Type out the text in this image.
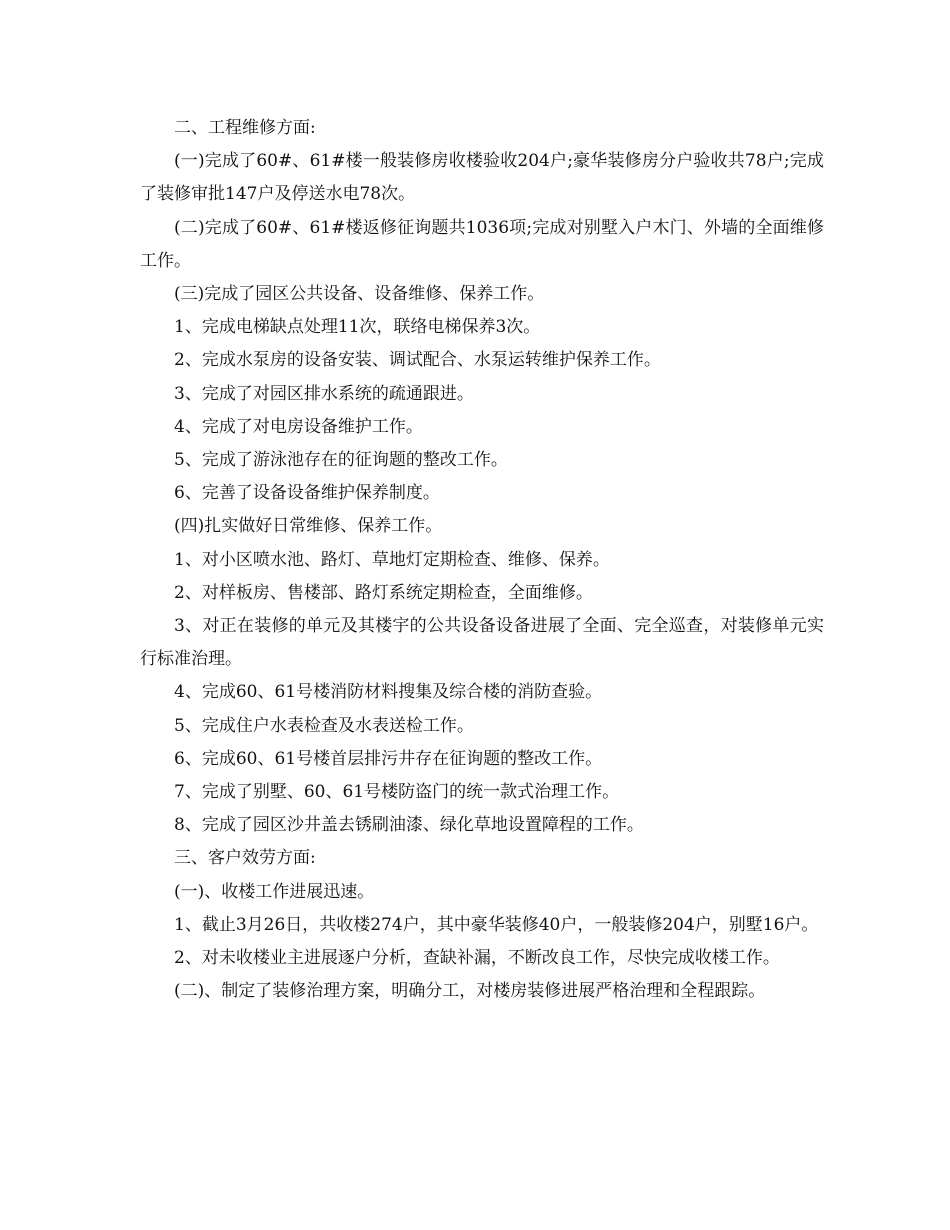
二、工程维修方面:

(一)完成了60#、61#楼一般装修房收楼验收204户;豪华装修房分户验收共78户;完成了装修审批147户及停送水电78次。

(二)完成了60#、61#楼返修征询题共1036项;完成对别墅入户木门、外墙的全面维修工作。

(三)完成了园区公共设备、设备维修、保养工作。

1、完成电梯缺点处理11次，联络电梯保养3次。

2、完成水泵房的设备安装、调试配合、水泵运转维护保养工作。

3、完成了对园区排水系统的疏通跟进。

4、完成了对电房设备维护工作。

5、完成了游泳池存在的征询题的整改工作。

6、完善了设备设备维护保养制度。

(四)扎实做好日常维修、保养工作。

1、对小区喷水池、路灯、草地灯定期检查、维修、保养。

2、对样板房、售楼部、路灯系统定期检查，全面维修。

3、对正在装修的单元及其楼宇的公共设备设备进展了全面、完全巡查，对装修单元实行标准治理。

4、完成60、61号楼消防材料搜集及综合楼的消防查验。

5、完成住户水表检查及水表送检工作。

6、完成60、61号楼首层排污井存在征询题的整改工作。

7、完成了别墅、60、61号楼防盗门的统一款式治理工作。

8、完成了园区沙井盖去锈刷油漆、绿化草地设置障程的工作。

三、客户效劳方面:

(一)、收楼工作进展迅速。

1、截止3月26日，共收楼274户，其中豪华装修40户，一般装修204户，别墅16户。

2、对未收楼业主进展逐户分析，查缺补漏，不断改良工作，尽快完成收楼工作。

(二)、制定了装修治理方案，明确分工，对楼房装修进展严格治理和全程跟踪。
